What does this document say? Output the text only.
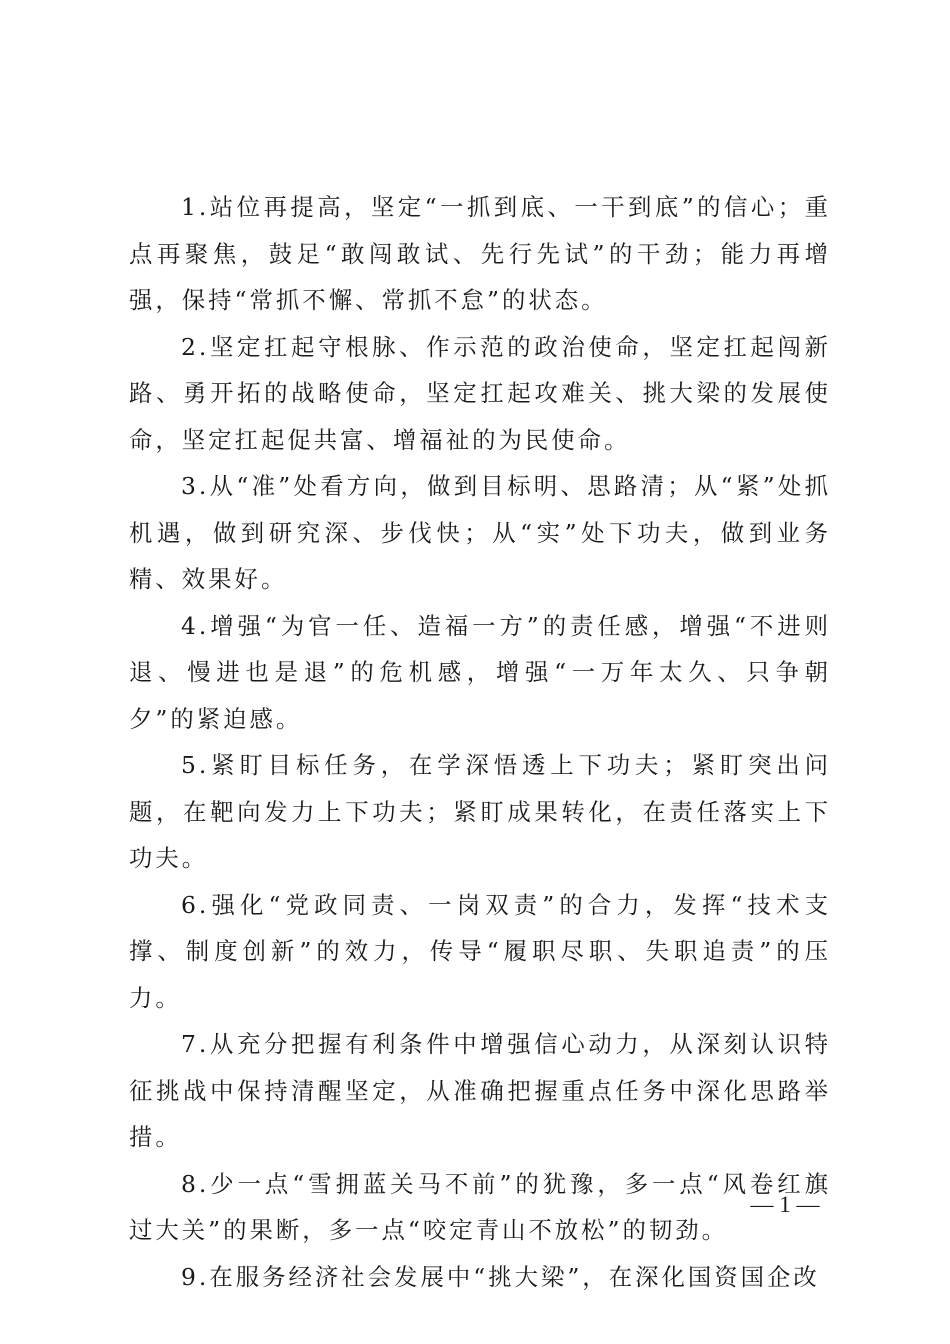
1.站位再提高，坚定“一抓到底、一干到底”的信心；重点再聚焦，鼓足“敢闯敢试、先行先试”的干劲；能力再增强，保持“常抓不懈、常抓不怠”的状态。

2.坚定扛起守根脉、作示范的政治使命，坚定扛起闯新路、勇开拓的战略使命，坚定扛起攻难关、挑大梁的发展使命，坚定扛起促共富、增福祉的为民使命。

3.从“准”处看方向，做到目标明、思路清；从“紧”处抓机遇，做到研究深、步伐快；从“实”处下功夫，做到业务精、效果好。

4.增强“为官一任、造福一方”的责任感，增强“不进则退、慢进也是退”的危机感，增强“一万年太久、只争朝夕”的紧迫感。

5.紧盯目标任务，在学深悟透上下功夫；紧盯突出问题，在靶向发力上下功夫；紧盯成果转化，在责任落实上下功夫。

6.强化“党政同责、一岗双责”的合力，发挥“技术支撑、制度创新”的效力，传导“履职尽职、失职追责”的压力。

7.从充分把握有利条件中增强信心动力，从深刻认识特征挑战中保持清醒坚定，从准确把握重点任务中深化思路举措。

8.少一点“雪拥蓝关马不前”的犹豫，多一点“风卷红旗过大关”的果断，多一点“咬定青山不放松”的韧劲。

9.在服务经济社会发展中“挑大梁”，在深化国资国企改

— 1 —
